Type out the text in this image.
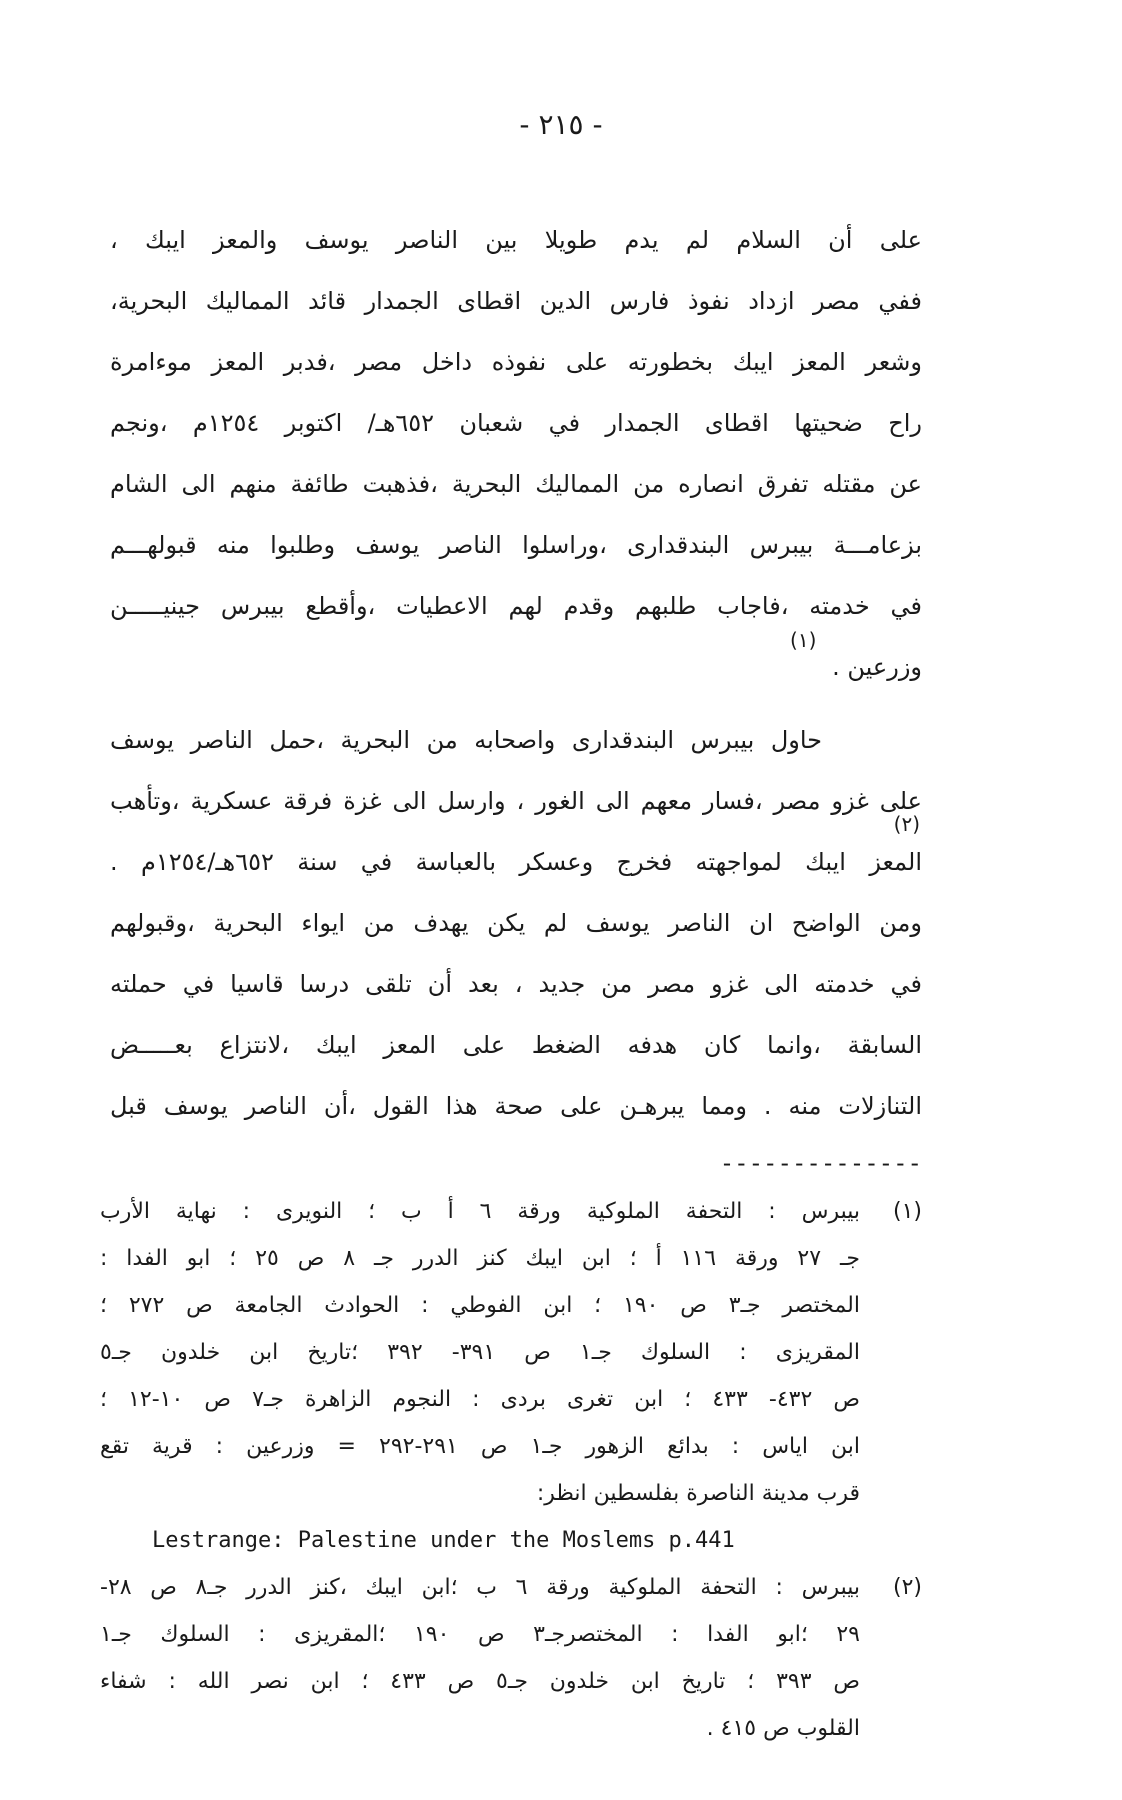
- ٢١٥ -
على أن السلام لم يدم طويلا بين الناصر يوسف والمعز ايبك ،
ففي مصر ازداد نفوذ فارس الدين اقطاى الجمدار قائد المماليك البحرية،
وشعر المعز ايبك بخطورته على نفوذه داخل مصر ،فدبر المعز موءامرة
راح ضحيتها اقطاى الجمدار في شعبان ٦٥٢هـ/ اكتوبر ١٢٥٤م ،ونجم
عن مقتله تفرق انصاره من المماليك البحرية ،فذهبت طائفة منهم الى الشام
بزعامـــة بيبرس البندقدارى ،وراسلوا الناصر يوسف وطلبوا منه قبولهـــم
في خدمته ،فاجاب طلبهم وقدم لهم الاعطيات ،وأقطع بيبرس جينيـــــن
وزرعين .
حاول بيبرس البندقدارى واصحابه من البحرية ،حمل الناصر يوسف
على غزو مصر ،فسار معهم الى الغور ، وارسل الى غزة فرقة عسكرية ،وتأهب
المعز ايبك لمواجهته فخرج وعسكر بالعباسة في سنة ٦٥٢هـ/١٢٥٤م .
ومن الواضح ان الناصر يوسف لم يكن يهدف من ايواء البحرية ،وقبولهم
في خدمته الى غزو مصر من جديد ، بعد أن تلقى درسا قاسيا في حملته
السابقة ،وانما كان هدفه الضغط على المعز ايبك ،لانتزاع بعـــــض
التنازلات منه . ومما يبرهـن على صحة هذا القول ،أن الناصر يوسف قبل
(١)
(٢)
--------------
(١)
بيبرس : التحفة الملوكية ورقة ٦ أ ب ؛ النويرى : نهاية الأرب
جـ ٢٧ ورقة ١١٦ أ ؛ ابن ايبك كنز الدرر جـ ٨ ص ٢٥ ؛ ابو الفدا :
المختصر جـ٣ ص ١٩٠ ؛ ابن الفوطي : الحوادث الجامعة ص ٢٧٢ ؛
المقريزى : السلوك جـ١ ص ٣٩١- ٣٩٢ ؛تاريخ ابن خلدون جـ٥
ص ٤٣٢- ٤٣٣ ؛ ابن تغرى بردى : النجوم الزاهرة جـ٧ ص ١٠-١٢ ؛
ابن اياس : بدائع الزهور جـ١ ص ٢٩١-٢٩٢ = وزرعين : قرية تقع
قرب مدينة الناصرة بفلسطين انظر:
Lestrange: Palestine under the Moslems p.441
(٢)
بيبرس : التحفة الملوكية ورقة ٦ ب ؛ابن ايبك ،كنز الدرر جـ٨ ص ٢٨-
٢٩ ؛ابو الفدا : المختصرجـ٣ ص ١٩٠ ؛المقريزى : السلوك جـ١
ص ٣٩٣ ؛ تاريخ ابن خلدون جـ٥ ص ٤٣٣ ؛ ابن نصر الله : شفاء
القلوب ص ٤١٥ .
